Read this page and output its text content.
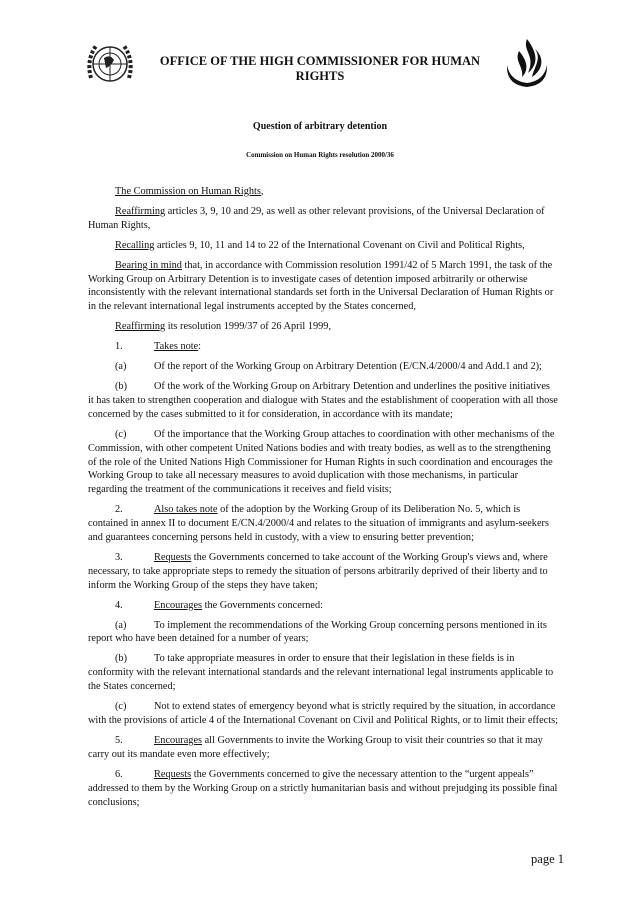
OFFICE OF THE HIGH COMMISSIONER FOR HUMAN RIGHTS
Question of arbitrary detention
Commission on Human Rights resolution 2000/36

The Commission on Human Rights,

Reaffirming articles 3, 9, 10 and 29, as well as other relevant provisions, of the Universal Declaration of Human Rights,

Recalling articles 9, 10, 11 and 14 to 22 of the International Covenant on Civil and Political Rights,

Bearing in mind that, in accordance with Commission resolution 1991/42 of 5 March 1991, the task of the Working Group on Arbitrary Detention is to investigate cases of detention imposed arbitrarily or otherwise inconsistently with the relevant international standards set forth in the Universal Declaration of Human Rights or in the relevant international legal instruments accepted by the States concerned,

Reaffirming its resolution 1999/37 of 26 April 1999,

1.	Takes note:

(a)	Of the report of the Working Group on Arbitrary Detention (E/CN.4/2000/4 and Add.1 and 2);

(b)	Of the work of the Working Group on Arbitrary Detention and underlines the positive initiatives it has taken to strengthen cooperation and dialogue with States and the establishment of cooperation with all those concerned by the cases submitted to it for consideration, in accordance with its mandate;

(c)	Of the importance that the Working Group attaches to coordination with other mechanisms of the Commission, with other competent United Nations bodies and with treaty bodies, as well as to the strengthening of the role of the United Nations High Commissioner for Human Rights in such coordination and encourages the Working Group to take all necessary measures to avoid duplication with those mechanisms, in particular regarding the treatment of the communications it receives and field visits;

2.	Also takes note of the adoption by the Working Group of its Deliberation No. 5, which is contained in annex II to document E/CN.4/2000/4 and relates to the situation of immigrants and asylum-seekers and guarantees concerning persons held in custody, with a view to ensuring better prevention;

3.	Requests the Governments concerned to take account of the Working Group's views and, where necessary, to take appropriate steps to remedy the situation of persons arbitrarily deprived of their liberty and to inform the Working Group of the steps they have taken;

4.	Encourages the Governments concerned:

(a)	To implement the recommendations of the Working Group concerning persons mentioned in its report who have been detained for a number of years;

(b)	To take appropriate measures in order to ensure that their legislation in these fields is in conformity with the relevant international standards and the relevant international legal instruments applicable to the States concerned;

(c)	Not to extend states of emergency beyond what is strictly required by the situation, in accordance with the provisions of article 4 of the International Covenant on Civil and Political Rights, or to limit their effects;

5.	Encourages all Governments to invite the Working Group to visit their countries so that it may carry out its mandate even more effectively;

6.	Requests the Governments concerned to give the necessary attention to the “urgent appeals” addressed to them by the Working Group on a strictly humanitarian basis and without prejudging its possible final conclusions;

page 1
